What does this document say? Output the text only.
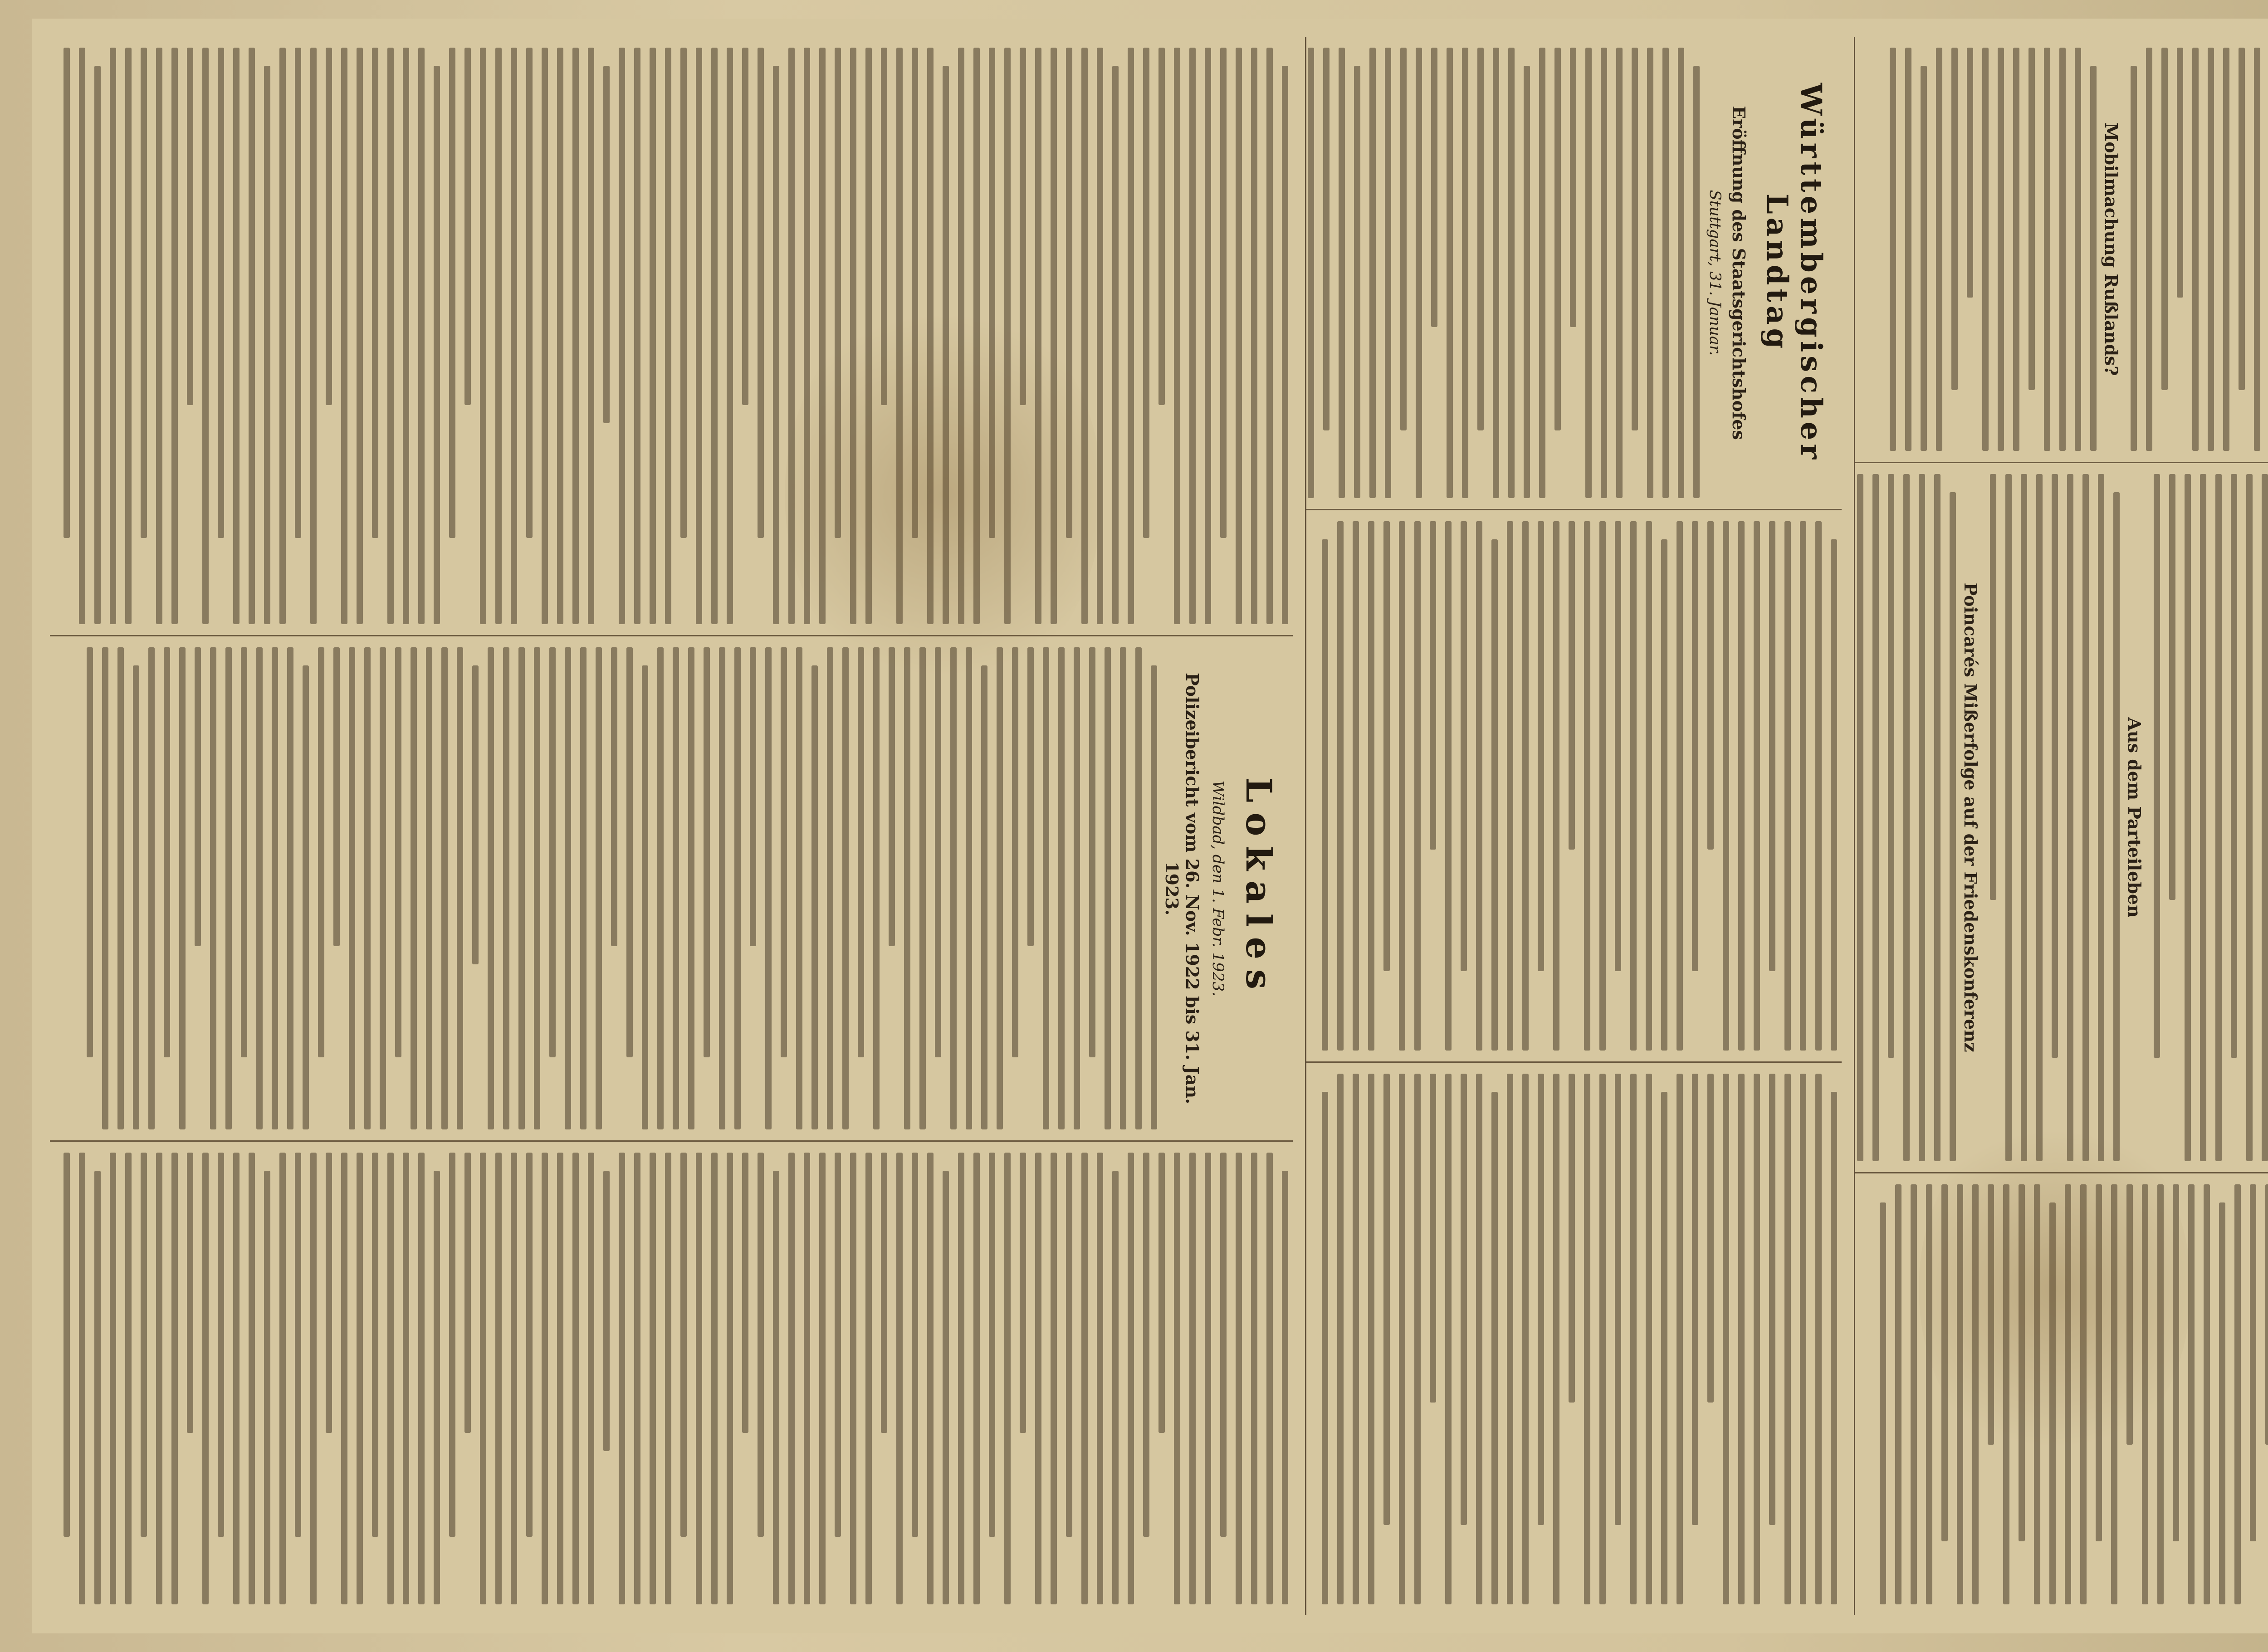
Mobilmachung Rußlands?
Aus dem Parteileben
Poincarés Mißerfolge auf der Friedenskonferenz
Württembergischer Landtag
Eröffnung des Staatsgerichtshofes
Stuttgart, 31. Januar.
Lokales
Wildbad, den 1. Febr. 1923.
Polizeibericht vom 26. Nov. 1922 bis 31. Jan. 1923.
